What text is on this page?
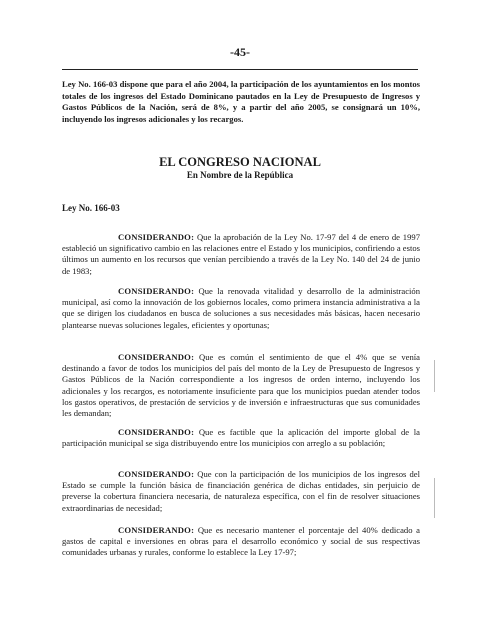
-45-

Ley No. 166-03 dispone que para el año 2004, la participación de los ayuntamientos en los montos totales de los ingresos del Estado Dominicano pautados en la Ley de Presupuesto de Ingresos y Gastos Públicos de la Nación, será de 8%, y a partir del año 2005, se consignará un 10%, incluyendo los ingresos adicionales y los recargos.

EL CONGRESO NACIONAL

En Nombre de la República

Ley No. 166-03

CONSIDERANDO: Que la aprobación de la Ley No. 17-97 del 4 de enero de 1997 estableció un significativo cambio en las relaciones entre el Estado y los municipios, confiriendo a estos últimos un aumento en los recursos que venían percibiendo a través de la Ley No. 140 del 24 de junio de 1983;

CONSIDERANDO: Que la renovada vitalidad y desarrollo de la administración municipal, así como la innovación de los gobiernos locales, como primera instancia administrativa a la que se dirigen los ciudadanos en busca de soluciones a sus necesidades más básicas, hacen necesario plantearse nuevas soluciones legales, eficientes y oportunas;

CONSIDERANDO: Que es común el sentimiento de que el 4% que se venía destinando a favor de todos los municipios del país del monto de la Ley de Presupuesto de Ingresos y Gastos Públicos de la Nación correspondiente a los ingresos de orden interno, incluyendo los adicionales y los recargos, es notoriamente insuficiente para que los municipios puedan atender todos los gastos operativos, de prestación de servicios y de inversión e infraestructuras que sus comunidades les demandan;

CONSIDERANDO: Que es factible que la aplicación del importe global de la participación municipal se siga distribuyendo entre los municipios con arreglo a su población;

CONSIDERANDO: Que con la participación de los municipios de los ingresos del Estado se cumple la función básica de financiación genérica de dichas entidades, sin perjuicio de preverse la cobertura financiera necesaria, de naturaleza específica, con el fin de resolver situaciones extraordinarias de necesidad;

CONSIDERANDO: Que es necesario mantener el porcentaje del 40% dedicado a gastos de capital e inversiones en obras para el desarrollo económico y social de sus respectivas comunidades urbanas y rurales, conforme lo establece la Ley 17-97;
